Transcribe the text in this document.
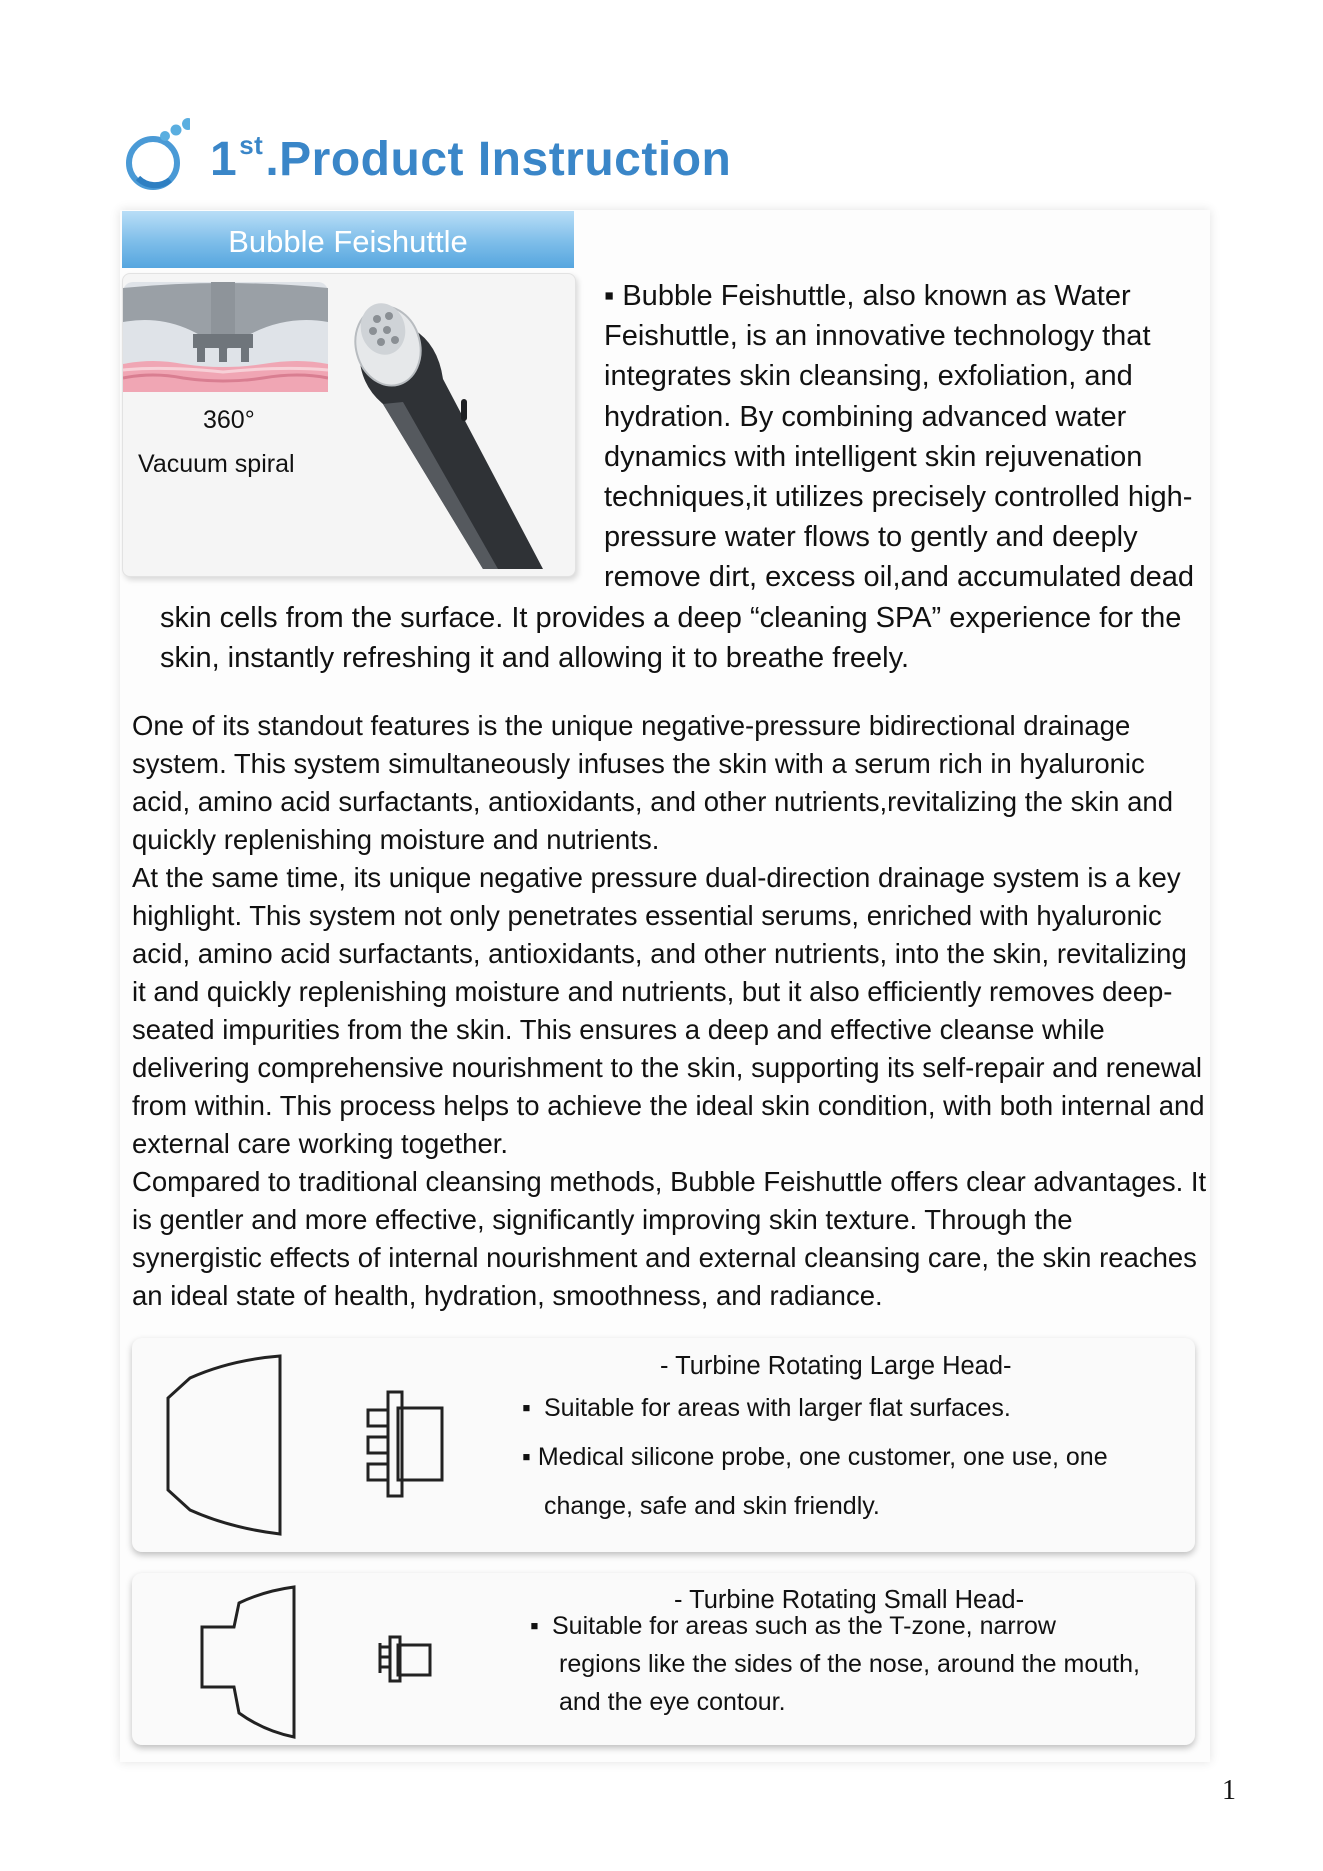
1st.Product Instruction
Bubble Feishuttle
360°
Vacuum spiral
▪ Bubble Feishuttle, also known as Water Feishuttle, is an innovative technology that integrates skin cleansing, exfoliation, and hydration. By combining advanced water dynamics with intelligent skin rejuvenation techniques,it utilizes precisely controlled high-pressure water flows to gently and deeply remove dirt, excess oil,and accumulated dead skin cells from the surface. It provides a deep “cleaning SPA” experience for the skin, instantly refreshing it and allowing it to breathe freely.

One of its standout features is the unique negative-pressure bidirectional drainage system. This system simultaneously infuses the skin with a serum rich in hyaluronic acid, amino acid surfactants, antioxidants, and other nutrients,revitalizing the skin and quickly replenishing moisture and nutrients.

At the same time, its unique negative pressure dual-direction drainage system is a key highlight. This system not only penetrates essential serums, enriched with hyaluronic acid, amino acid surfactants, antioxidants, and other nutrients, into the skin, revitalizing it and quickly replenishing moisture and nutrients, but it also efficiently removes deep-seated impurities from the skin. This ensures a deep and effective cleanse while delivering comprehensive nourishment to the skin, supporting its self-repair and renewal from within. This process helps to achieve the ideal skin condition, with both internal and external care working together.

Compared to traditional cleansing methods, Bubble Feishuttle offers clear advantages. It is gentler and more effective, significantly improving skin texture. Through the synergistic effects of internal nourishment and external cleansing care, the skin reaches an ideal state of health, hydration, smoothness, and radiance.

- Turbine Rotating Large Head-
▪ Suitable for areas with larger flat surfaces.
▪ Medical silicone probe, one customer, one use, one
change, safe and skin friendly.
- Turbine Rotating Small Head-
▪ Suitable for areas such as the T-zone, narrow
regions like the sides of the nose, around the mouth,
and the eye contour.
1
